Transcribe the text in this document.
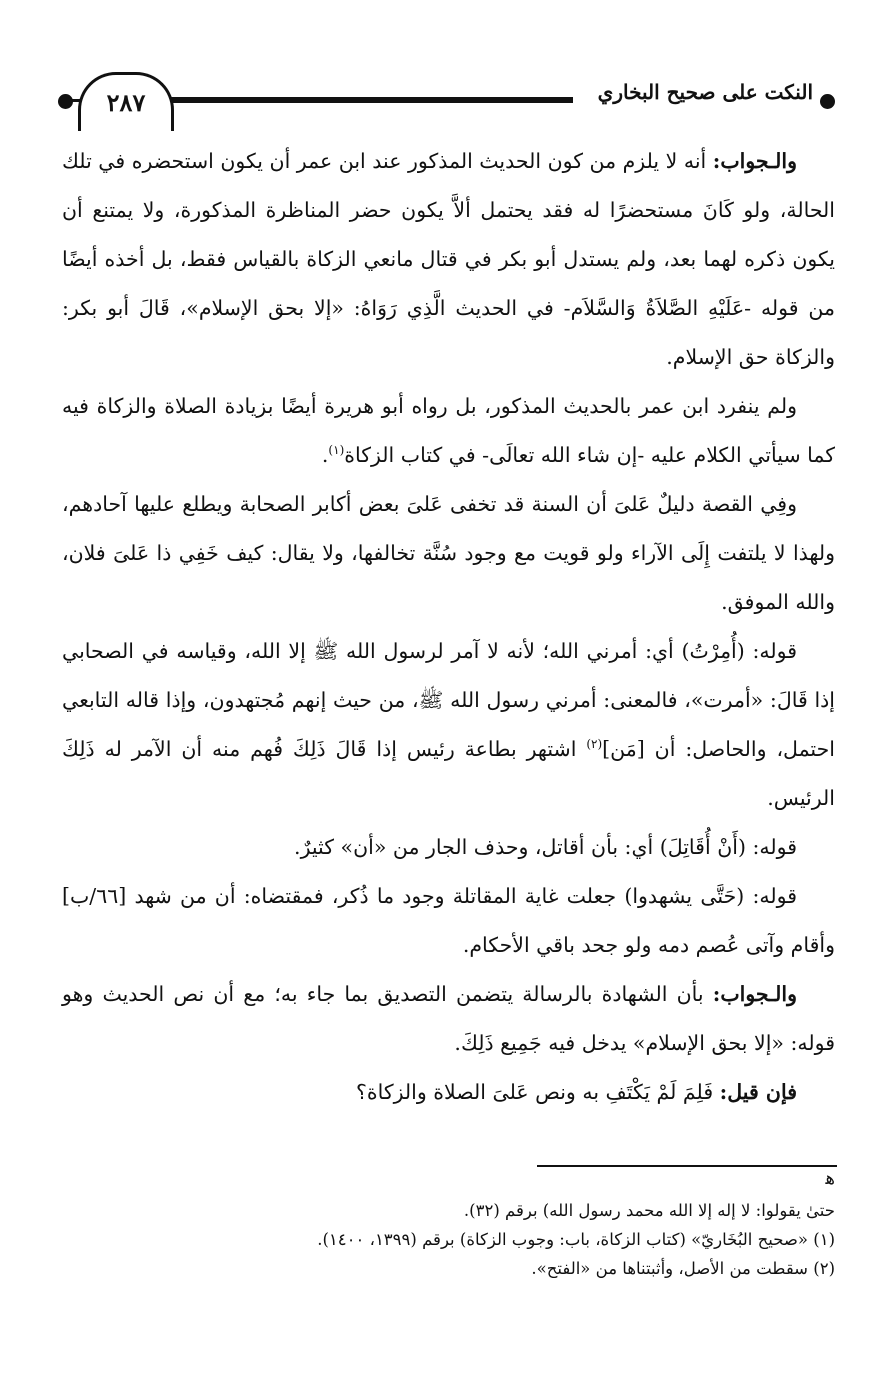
النكت على صحيح البخاري
٢٨٧

والـجواب: أنه لا يلزم من كون الحديث المذكور عند ابن عمر أن يكون استحضره في تلك الحالة، ولو كَانَ مستحضرًا له فقد يحتمل ألاَّ يكون حضر المناظرة المذكورة، ولا يمتنع أن يكون ذكره لهما بعد، ولم يستدل أبو بكر في قتال مانعي الزكاة بالقياس فقط، بل أخذه أيضًا من قوله -عَلَيْهِ الصَّلاَةُ وَالسَّلاَم- في الحديث الَّذِي رَوَاهُ: «إلا بحق الإسلام»، قَالَ أبو بكر: والزكاة حق الإسلام.

ولم ينفرد ابن عمر بالحديث المذكور، بل رواه أبو هريرة أيضًا بزيادة الصلاة والزكاة فيه كما سيأتي الكلام عليه -إن شاء الله تعالَى- في كتاب الزكاة$^{(١)}$.

وفِي القصة دليلٌ عَلىَ أن السنة قد تخفى عَلىَ بعض أكابر الصحابة ويطلع عليها آحادهم، ولهذا لا يلتفت إِلَى الآراء ولو قويت مع وجود سُنَّة تخالفها، ولا يقال: كيف خَفِي ذا عَلىَ فلان، والله الموفق.

قوله: (أُمِرْتُ) أي: أمرني الله؛ لأنه لا آمر لرسول الله ﷺ إلا الله، وقياسه في الصحابي إذا قَالَ: «أمرت»، فالمعنى: أمرني رسول الله ﷺ، من حيث إنهم مُجتهدون، وإذا قاله التابعي احتمل، والحاصل: أن [مَن]$^{(٢)}$ اشتهر بطاعة رئيس إذا قَالَ ذَلِكَ فُهم منه أن الآمر له ذَلِكَ الرئيس.

قوله: (أَنْ أُقَاتِلَ) أي: بأن أقاتل، وحذف الجار من «أن» كثيرٌ.

قوله: (حَتَّى يشهدوا) جعلت غاية المقاتلة وجود ما ذُكر، فمقتضاه: أن من شهد [٦٦/ب] وأقام وآتى عُصم دمه ولو جحد باقي الأحكام.

والـجواب: بأن الشهادة بالرسالة يتضمن التصديق بما جاء به؛ مع أن نص الحديث وهو قوله: «إلا بحق الإسلام» يدخل فيه جَمِيع ذَلِكَ.

فإن قيل: فَلِمَ لَمْ يَكْتَفِ به ونص عَلىَ الصلاة والزكاة؟

ﻫ

حتىٰ يقولوا: لا إله إلا الله محمد رسول الله) برقم (٣٢).

(١) «صحيح البُخَاريّ» (كتاب الزكاة، باب: وجوب الزكاة) برقم (١٣٩٩، ١٤٠٠).

(٢) سقطت من الأصل، وأثبتناها من «الفتح».
